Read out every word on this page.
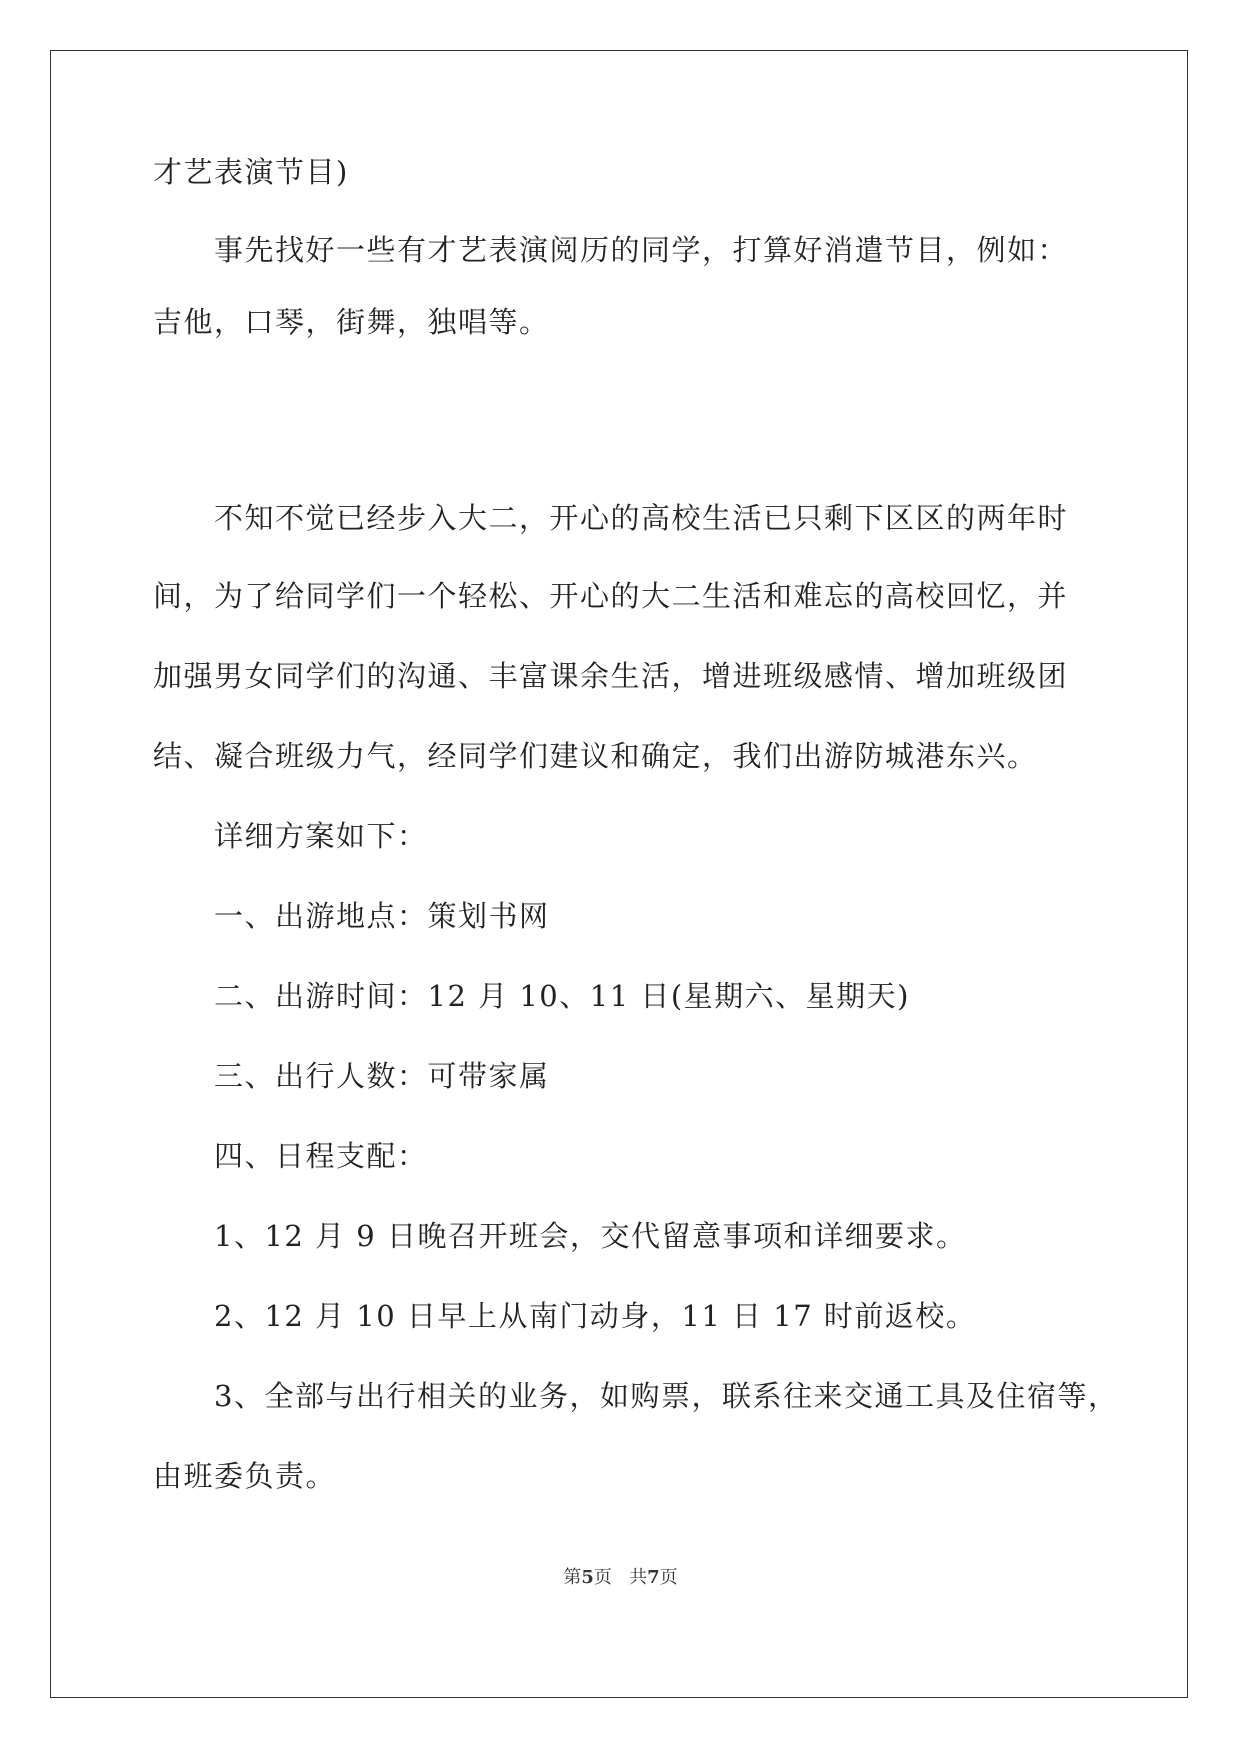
才艺表演节目)
事先找好一些有才艺表演阅历的同学，打算好消遣节目，例如：
吉他，口琴，街舞，独唱等。
不知不觉已经步入大二，开心的高校生活已只剩下区区的两年时
间，为了给同学们一个轻松、开心的大二生活和难忘的高校回忆，并
加强男女同学们的沟通、丰富课余生活，增进班级感情、增加班级团
结、凝合班级力气，经同学们建议和确定，我们出游防城港东兴。
详细方案如下：
一、出游地点：策划书网
二、出游时间：12 月 10、11 日(星期六、星期天)
三、出行人数：可带家属
四、日程支配：
1、12 月 9 日晚召开班会，交代留意事项和详细要求。
2、12 月 10 日早上从南门动身，11 日 17 时前返校。
3、全部与出行相关的业务，如购票，联系往来交通工具及住宿等，
由班委负责。
第5页 共7页
